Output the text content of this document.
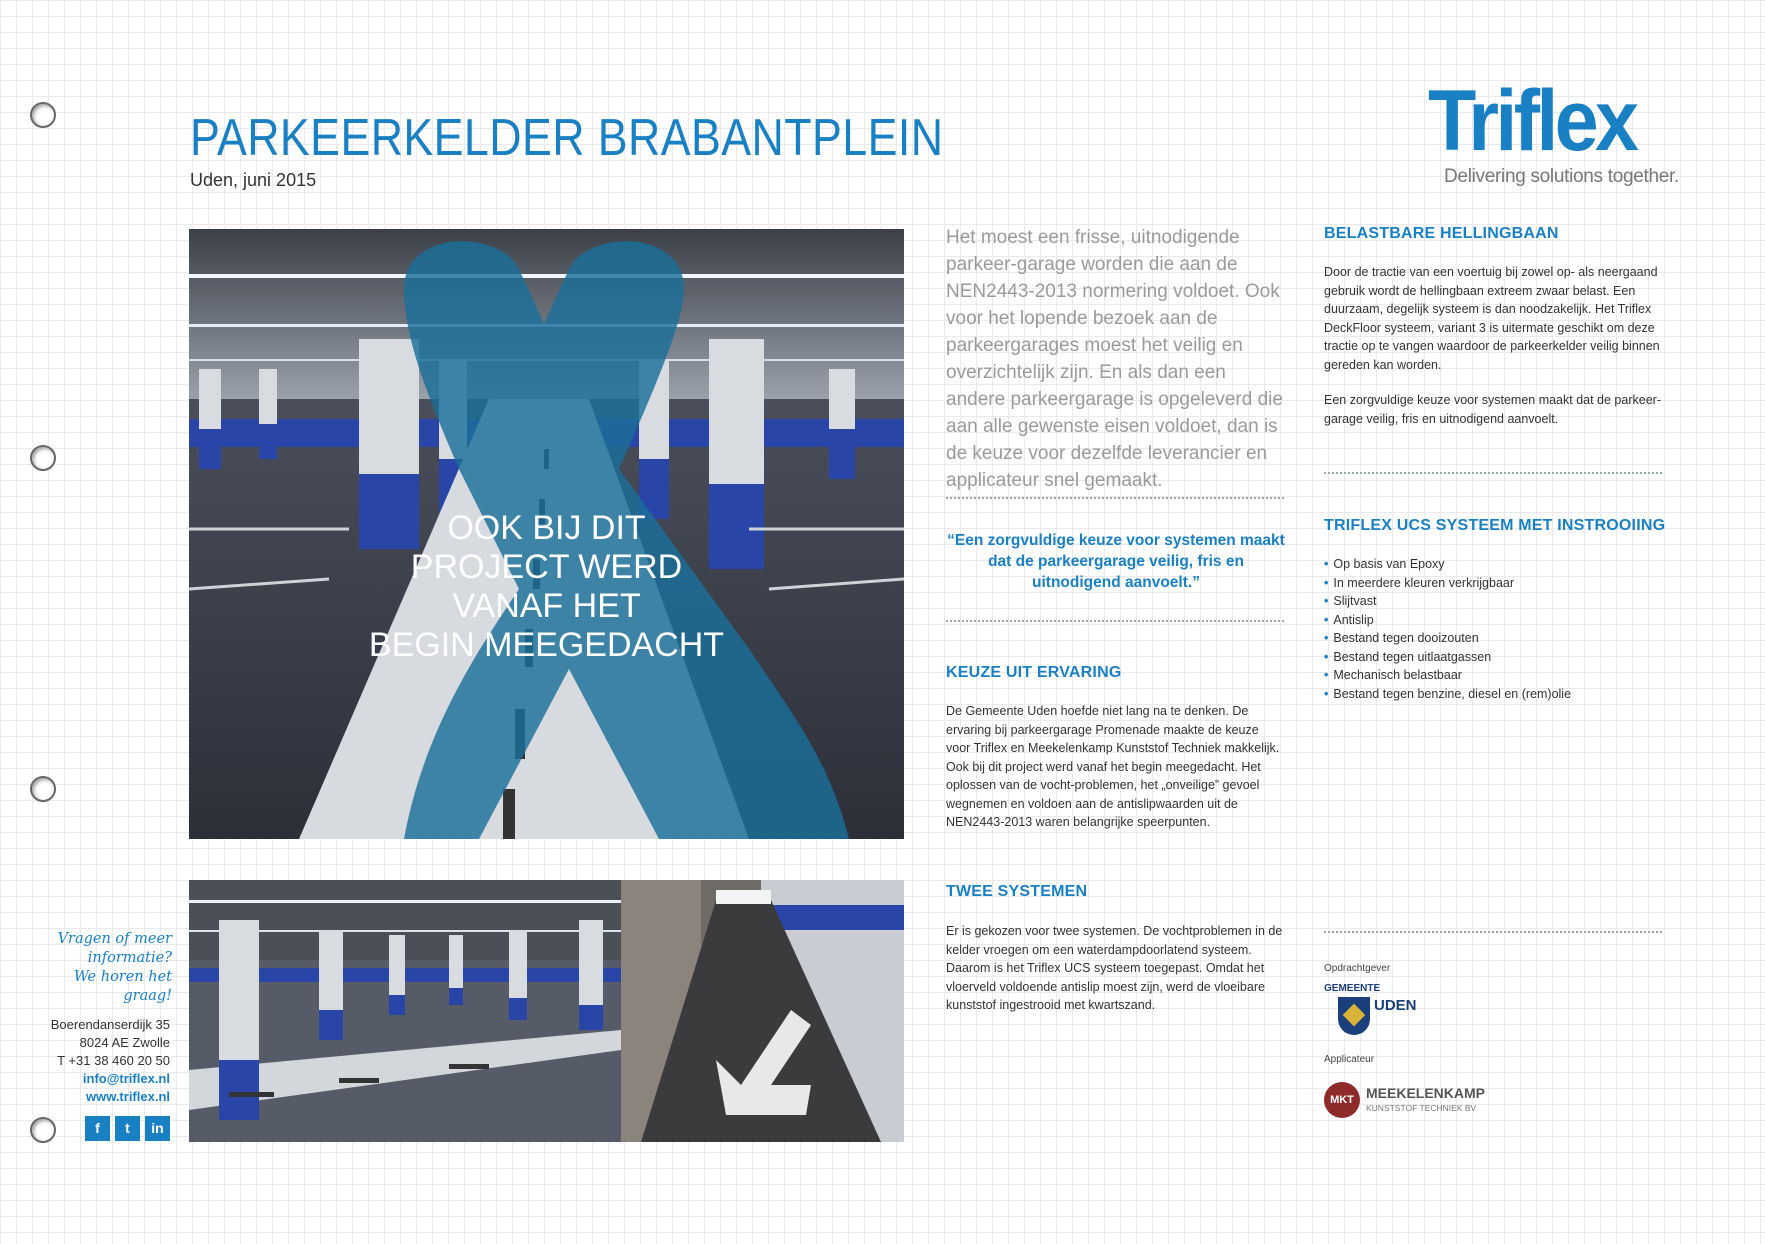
PARKEERKELDER BRABANTPLEIN
Uden, juni 2015
Triflex
Delivering solutions together.
OOK BIJ DIT
PROJECT WERD
VANAF HET
BEGIN MEEGEDACHT
Het moest een frisse, uitnodigende parkeer-garage worden die aan de NEN2443-2013 normering voldoet. Ook voor het lopende bezoek aan de parkeergarages moest het veilig en overzichtelijk zijn. En als dan een andere parkeergarage is opgeleverd die aan alle gewenste eisen voldoet, dan is de keuze voor dezelfde leverancier en applicateur snel gemaakt.
“Een zorgvuldige keuze voor systemen maakt dat de parkeergarage veilig, fris en uitnodigend aanvoelt.”
KEUZE UIT ERVARING
De Gemeente Uden hoefde niet lang na te denken. De ervaring bij parkeergarage Promenade maakte de keuze voor Triflex en Meekelenkamp Kunststof Techniek makkelijk. Ook bij dit project werd vanaf het begin meegedacht. Het oplossen van de vocht-problemen, het „onveilige” gevoel wegnemen en voldoen aan de antislipwaarden uit de NEN2443-2013 waren belangrijke speerpunten.
TWEE SYSTEMEN
Er is gekozen voor twee systemen. De vochtproblemen in de kelder vroegen om een waterdampdoorlatend systeem. Daarom is het Triflex UCS systeem toegepast. Omdat het vloerveld voldoende antislip moest zijn, werd de vloeibare kunststof ingestrooid met kwartszand.
BELASTBARE HELLINGBAAN
Door de tractie van een voertuig bij zowel op- als neergaand gebruik wordt de hellingbaan extreem zwaar belast. Een duurzaam, degelijk systeem is dan noodzakelijk. Het Triflex DeckFloor systeem, variant 3 is uitermate geschikt om deze tractie op te vangen waardoor de parkeerkelder veilig binnen gereden kan worden.
Een zorgvuldige keuze voor systemen maakt dat de parkeer-garage veilig, fris en uitnodigend aanvoelt.
TRIFLEX UCS SYSTEEM MET INSTROOIING
• Op basis van Epoxy
• In meerdere kleuren verkrijgbaar
• Slijtvast
• Antislip
• Bestand tegen dooizouten
• Bestand tegen uitlaatgassen
• Mechanisch belastbaar
• Bestand tegen benzine, diesel en (rem)olie
Opdrachtgever
GEMEENTE
UDEN
Applicateur
MKT MEEKELENKAMP
KUNSTSTOF TECHNIEK BV
Vragen of meer
informatie?
We horen het graag!
Boerendanserdijk 35
8024 AE Zwolle
T +31 38 460 20 50
info@triflex.nl
www.triflex.nl
f t in
